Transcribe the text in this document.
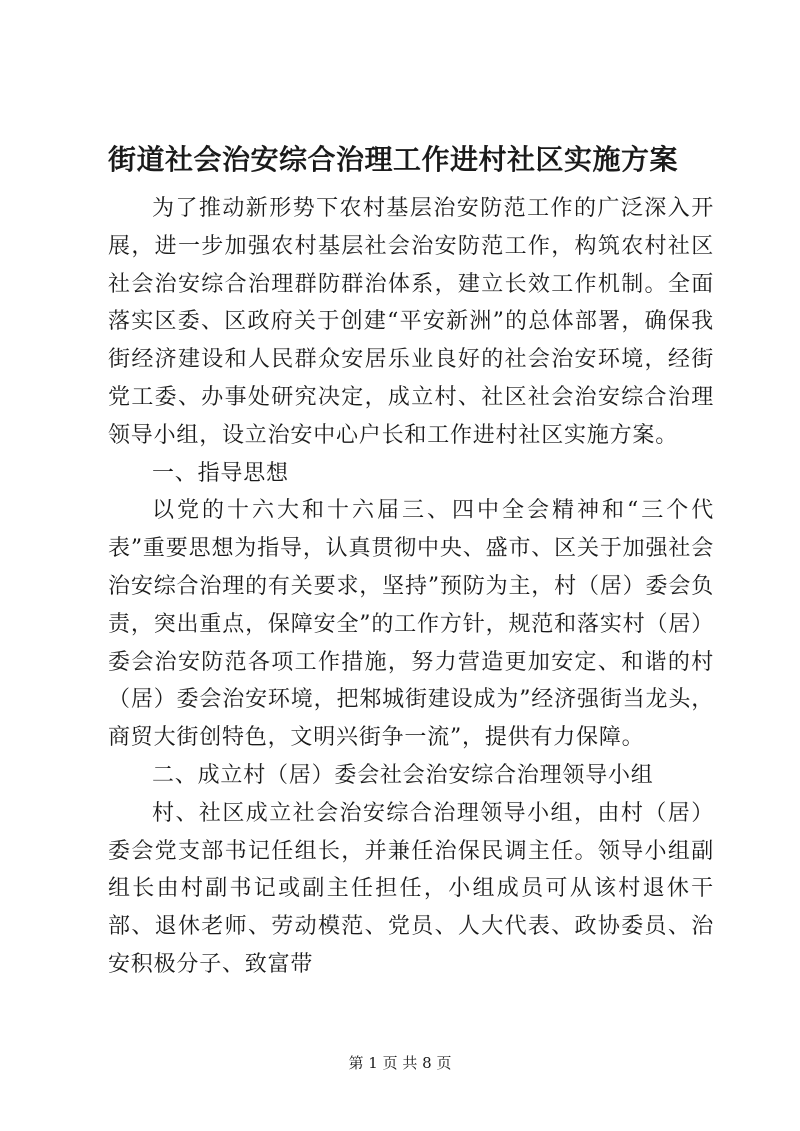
街道社会治安综合治理工作进村社区实施方案

为了推动新形势下农村基层治安防范工作的广泛深入开展，进一步加强农村基层社会治安防范工作，构筑农村社区社会治安综合治理群防群治体系，建立长效工作机制。全面落实区委、区政府关于创建“平安新洲”的总体部署，确保我街经济建设和人民群众安居乐业良好的社会治安环境，经街党工委、办事处研究决定，成立村、社区社会治安综合治理领导小组，设立治安中心户长和工作进村社区实施方案。

一、指导思想

以党的十六大和十六届三、四中全会精神和“三个代表”重要思想为指导，认真贯彻中央、盛市、区关于加强社会治安综合治理的有关要求，坚持”预防为主，村（居）委会负责，突出重点，保障安全”的工作方针，规范和落实村（居）委会治安防范各项工作措施，努力营造更加安定、和谐的村（居）委会治安环境，把邾城街建设成为”经济强街当龙头，商贸大街创特色，文明兴街争一流”，提供有力保障。

二、成立村（居）委会社会治安综合治理领导小组

村、社区成立社会治安综合治理领导小组，由村（居）委会党支部书记任组长，并兼任治保民调主任。领导小组副组长由村副书记或副主任担任，小组成员可从该村退休干部、退休老师、劳动模范、党员、人大代表、政协委员、治安积极分子、致富带

第 1 页 共 8 页
